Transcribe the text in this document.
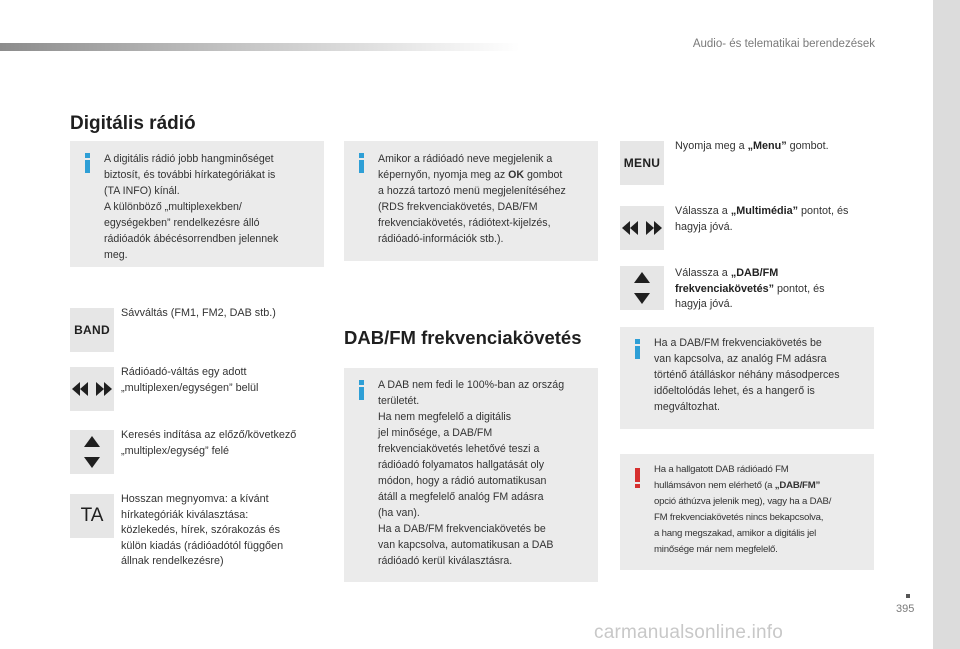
Audio- és telematikai berendezések
Digitális rádió
A digitális rádió jobb hangminőséget
biztosít, és további hírkategóriákat is
(TA INFO) kínál.
A különböző „multiplexekben/
egységekben” rendelkezésre álló
rádióadók ábécésorrendben jelennek
meg.
BAND
Sávváltás (FM1, FM2, DAB stb.)
Rádióadó-váltás egy adott
„multiplexen/egységen” belül
Keresés indítása az előző/következő
„multiplex/egység” felé
TA
Hosszan megnyomva: a kívánt
hírkategóriák kiválasztása:
közlekedés, hírek, szórakozás és
külön kiadás (rádióadótól függően
állnak rendelkezésre)
Amikor a rádióadó neve megjelenik a
képernyőn, nyomja meg az OK gombot
a hozzá tartozó menü megjelenítéséhez
(RDS frekvenciakövetés, DAB/FM
frekvenciakövetés, rádiótext-kijelzés,
rádióadó-információk stb.).
DAB/FM frekvenciakövetés
A DAB nem fedi le 100%-ban az ország
területét.
Ha nem megfelelő a digitális
jel minősége, a DAB/FM
frekvenciakövetés lehetővé teszi a
rádióadó folyamatos hallgatását oly
módon, hogy a rádió automatikusan
átáll a megfelelő analóg FM adásra
(ha van).
Ha a DAB/FM frekvenciakövetés be
van kapcsolva, automatikusan a DAB
rádióadó kerül kiválasztásra.
MENU
Nyomja meg a „Menu” gombot.
Válassza a „Multimédia” pontot, és
hagyja jóvá.
Válassza a „DAB/FM
frekvenciakövetés” pontot, és
hagyja jóvá.
Ha a DAB/FM frekvenciakövetés be
van kapcsolva, az analóg FM adásra
történő átálláskor néhány másodperces
időeltolódás lehet, és a hangerő is
megváltozhat.
Ha a hallgatott DAB rádióadó FM
hullámsávon nem elérhető (a „DAB/FM”
opció áthúzva jelenik meg), vagy ha a DAB/
FM frekvenciakövetés nincs bekapcsolva,
a hang megszakad, amikor a digitális jel
minősége már nem megfelelő.
395
carmanualsonline.info
